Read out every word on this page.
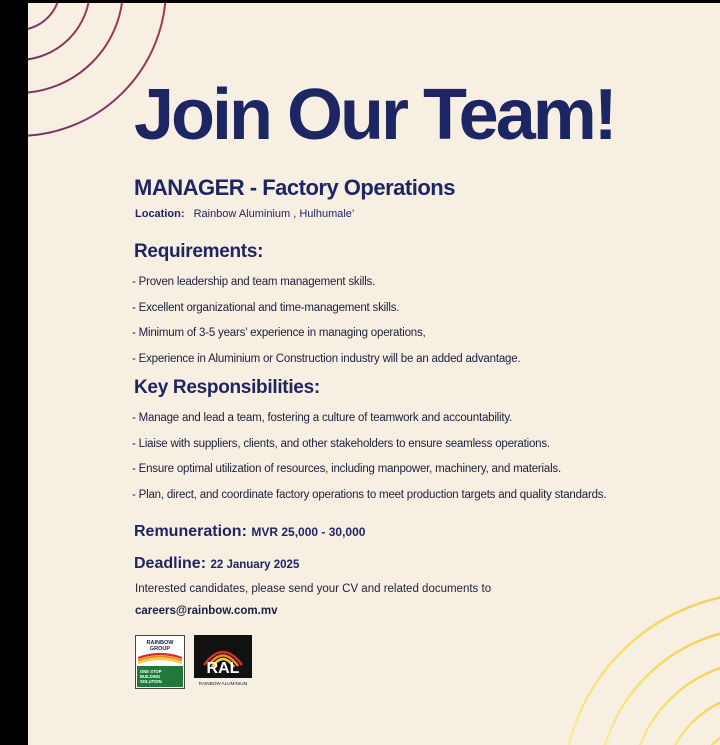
Join Our Team!
MANAGER - Factory Operations
Location: Rainbow Aluminium , Hulhumale’
Requirements:
- Proven leadership and team management skills.
- Excellent organizational and time-management skills.
- Minimum of 3-5 years’ experience in managing operations,
- Experience in Aluminium or Construction industry will be an added advantage.
Key Responsibilities:
- Manage and lead a team, fostering a culture of teamwork and accountability.
- Liaise with suppliers, clients, and other stakeholders to ensure seamless operations.
- Ensure optimal utilization of resources, including manpower, machinery, and materials.
- Plan, direct, and coordinate factory operations to meet production targets and quality standards.
Remuneration: MVR 25,000 - 30,000
Deadline: 22 January 2025
Interested candidates, please send your CV and related documents to
careers@rainbow.com.mv
RAINBOW
GROUP
ONE STOP
BUILDING
SOLUTION
RAL
RAINBOW ALUMINIUM
